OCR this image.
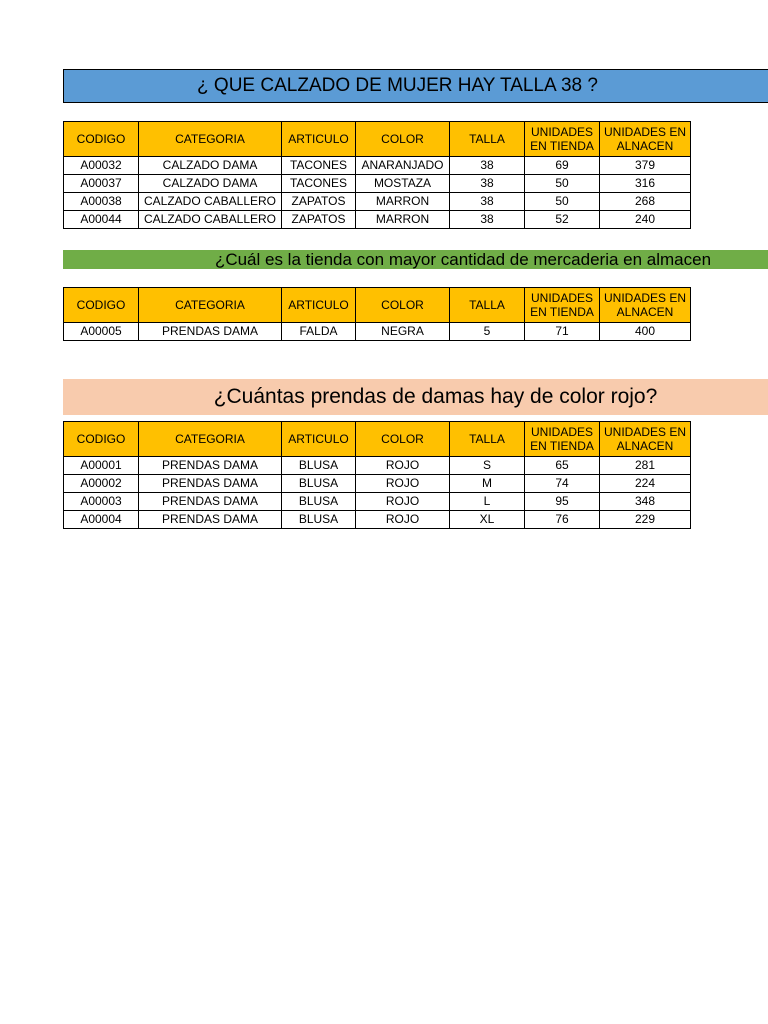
¿ QUE CALZADO DE MUJER HAY TALLA 38 ?
CODIGO	CATEGORIA	ARTICULO	COLOR	TALLA	UNIDADES EN TIENDA	UNIDADES EN ALNACEN
A00032	CALZADO DAMA	TACONES	ANARANJADO	38	69	379
A00037	CALZADO DAMA	TACONES	MOSTAZA	38	50	316
A00038	CALZADO CABALLERO	ZAPATOS	MARRON	38	50	268
A00044	CALZADO CABALLERO	ZAPATOS	MARRON	38	52	240
¿Cuál es la tienda con mayor cantidad de mercaderia en almacen
CODIGO	CATEGORIA	ARTICULO	COLOR	TALLA	UNIDADES EN TIENDA	UNIDADES EN ALNACEN
A00005	PRENDAS DAMA	FALDA	NEGRA	5	71	400
¿Cuántas prendas de damas hay de color rojo?
CODIGO	CATEGORIA	ARTICULO	COLOR	TALLA	UNIDADES EN TIENDA	UNIDADES EN ALNACEN
A00001	PRENDAS DAMA	BLUSA	ROJO	S	65	281
A00002	PRENDAS DAMA	BLUSA	ROJO	M	74	224
A00003	PRENDAS DAMA	BLUSA	ROJO	L	95	348
A00004	PRENDAS DAMA	BLUSA	ROJO	XL	76	229
